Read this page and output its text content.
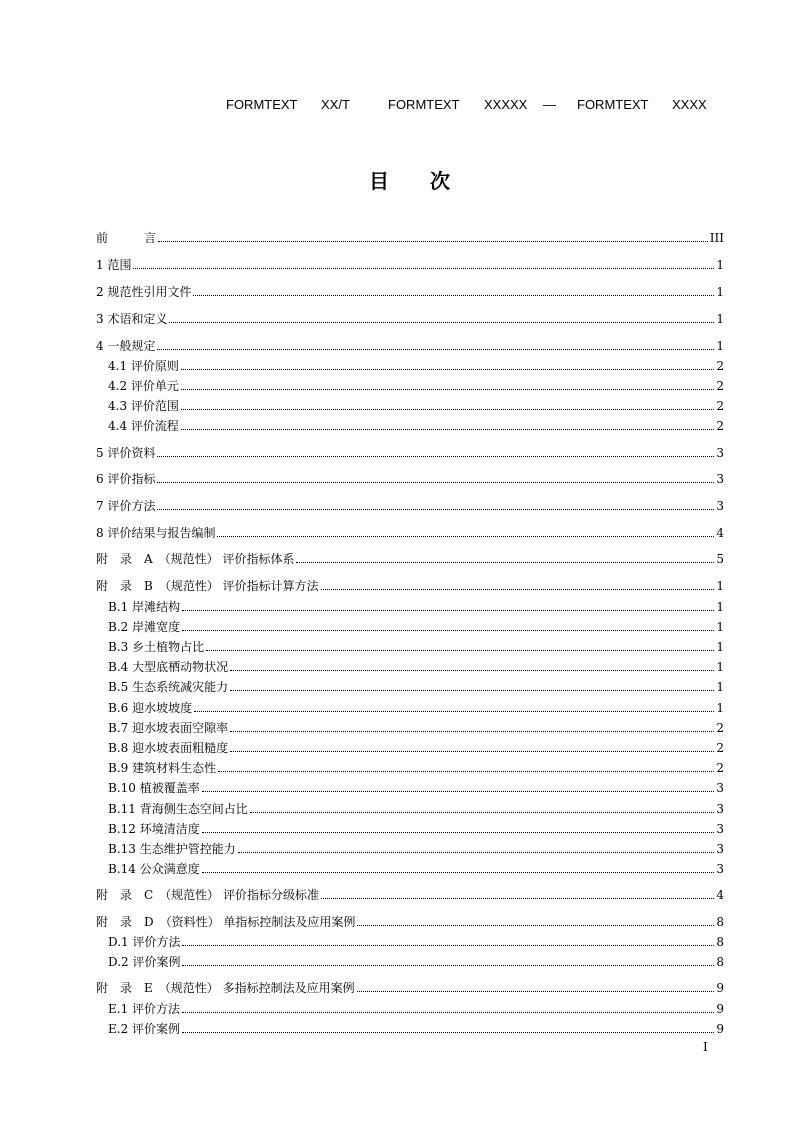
FORMTEXT XX/T	FORMTEXT XXXXX — FORMTEXT XXXX
目 次
前　　　言	III
1 范围	1
2 规范性引用文件	1
3 术语和定义	1
4 一般规定	1
4.1 评价原则	2
4.2 评价单元	2
4.3 评价范围	2
4.4 评价流程	2
5 评价资料	3
6 评价指标	3
7 评价方法	3
8 评价结果与报告编制	4
附　录　A　（规范性） 评价指标体系	5
附　录　B　（规范性） 评价指标计算方法	1
B.1 岸滩结构	1
B.2 岸滩宽度	1
B.3 乡土植物占比	1
B.4 大型底栖动物状况	1
B.5 生态系统减灾能力	1
B.6 迎水坡坡度	1
B.7 迎水坡表面空隙率	2
B.8 迎水坡表面粗糙度	2
B.9 建筑材料生态性	2
B.10 植被覆盖率	3
B.11 背海侧生态空间占比	3
B.12 环境清洁度	3
B.13 生态维护管控能力	3
B.14 公众满意度	3
附　录　C　（规范性） 评价指标分级标准	4
附　录　D　（资料性） 单指标控制法及应用案例	8
D.1 评价方法	8
D.2 评价案例	8
附　录　E　（规范性） 多指标控制法及应用案例	9
E.1 评价方法	9
E.2 评价案例	9
I
